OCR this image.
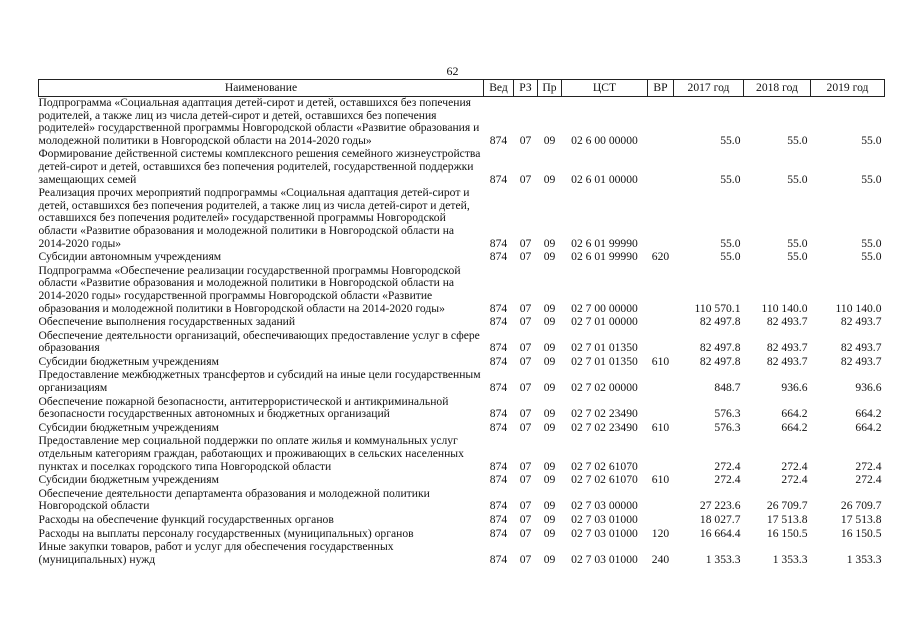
62
Наименование	Вед	РЗ	Пр	ЦСТ	ВР	2017 год	2018 год	2019 год
Подпрограмма «Социальная адаптация детей-сирот и детей, оставшихся без попечения родителей, а также лиц из числа детей-сирот и детей, оставшихся без попечения родителей» государственной программы Новгородской области «Развитие образования и молодежной политики в Новгородской области на 2014-2020 годы»	874	07	09	02 6 00 00000		55.0	55.0	55.0
Формирование действенной системы комплексного решения семейного жизнеустройства детей-сирот и детей, оставшихся без попечения родителей, государственной поддержки замещающих семей	874	07	09	02 6 01 00000		55.0	55.0	55.0
Реализация прочих мероприятий подпрограммы «Социальная адаптация детей-сирот и детей, оставшихся без попечения родителей, а также лиц из числа детей-сирот и детей, оставшихся без попечения родителей» государственной программы Новгородской области «Развитие образования и молодежной политики в Новгородской области на 2014-2020 годы»	874	07	09	02 6 01 99990		55.0	55.0	55.0
Субсидии автономным учреждениям	874	07	09	02 6 01 99990	620	55.0	55.0	55.0
Подпрограмма «Обеспечение реализации государственной программы Новгородской области «Развитие образования и молодежной политики в Новгородской области на 2014-2020 годы» государственной программы Новгородской области «Развитие образования и молодежной политики в Новгородской области на 2014-2020 годы»	874	07	09	02 7 00 00000		110 570.1	110 140.0	110 140.0
Обеспечение выполнения государственных заданий	874	07	09	02 7 01 00000		82 497.8	82 493.7	82 493.7
Обеспечение деятельности организаций, обеспечивающих предоставление услуг в сфере образования	874	07	09	02 7 01 01350		82 497.8	82 493.7	82 493.7
Субсидии бюджетным учреждениям	874	07	09	02 7 01 01350	610	82 497.8	82 493.7	82 493.7
Предоставление межбюджетных трансфертов и субсидий на иные цели государственным организациям	874	07	09	02 7 02 00000		848.7	936.6	936.6
Обеспечение пожарной безопасности, антитеррористической и антикриминальной безопасности государственных автономных и бюджетных организаций	874	07	09	02 7 02 23490		576.3	664.2	664.2
Субсидии бюджетным учреждениям	874	07	09	02 7 02 23490	610	576.3	664.2	664.2
Предоставление мер социальной поддержки по оплате жилья и коммунальных услуг отдельным категориям граждан, работающих и проживающих в сельских населенных пунктах и поселках городского типа Новгородской области	874	07	09	02 7 02 61070		272.4	272.4	272.4
Субсидии бюджетным учреждениям	874	07	09	02 7 02 61070	610	272.4	272.4	272.4
Обеспечение деятельности департамента образования и молодежной политики Новгородской области	874	07	09	02 7 03 00000		27 223.6	26 709.7	26 709.7
Расходы на обеспечение функций государственных органов	874	07	09	02 7 03 01000		18 027.7	17 513.8	17 513.8
Расходы на выплаты персоналу государственных (муниципальных) органов	874	07	09	02 7 03 01000	120	16 664.4	16 150.5	16 150.5
Иные закупки товаров, работ и услуг для обеспечения государственных (муниципальных) нужд	874	07	09	02 7 03 01000	240	1 353.3	1 353.3	1 353.3
